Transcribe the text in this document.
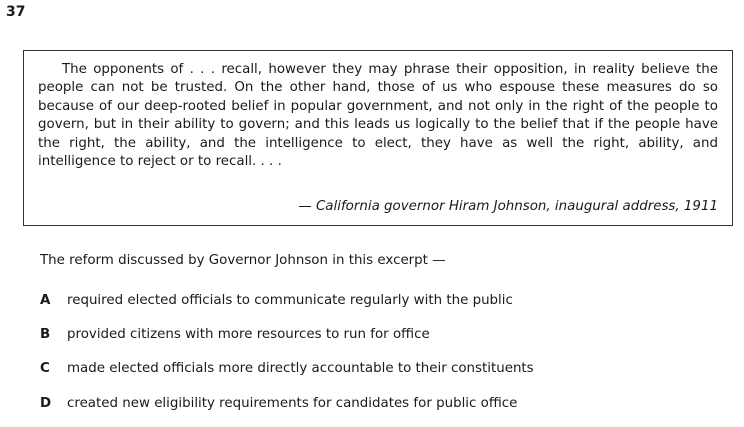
37

The opponents of . . . recall, however they may phrase their opposition, in reality believe the people can not be trusted. On the other hand, those of us who espouse these measures do so because of our deep-rooted belief in popular government, and not only in the right of the people to govern, but in their ability to govern; and this leads us logically to the belief that if the people have the right, the ability, and the intelligence to elect, they have as well the right, ability, and intelligence to reject or to recall. . . .

— California governor Hiram Johnson, inaugural address, 1911
The reform discussed by Governor Johnson in this excerpt —
A required elected officials to communicate regularly with the public
B provided citizens with more resources to run for office
C made elected officials more directly accountable to their constituents
D created new eligibility requirements for candidates for public office
